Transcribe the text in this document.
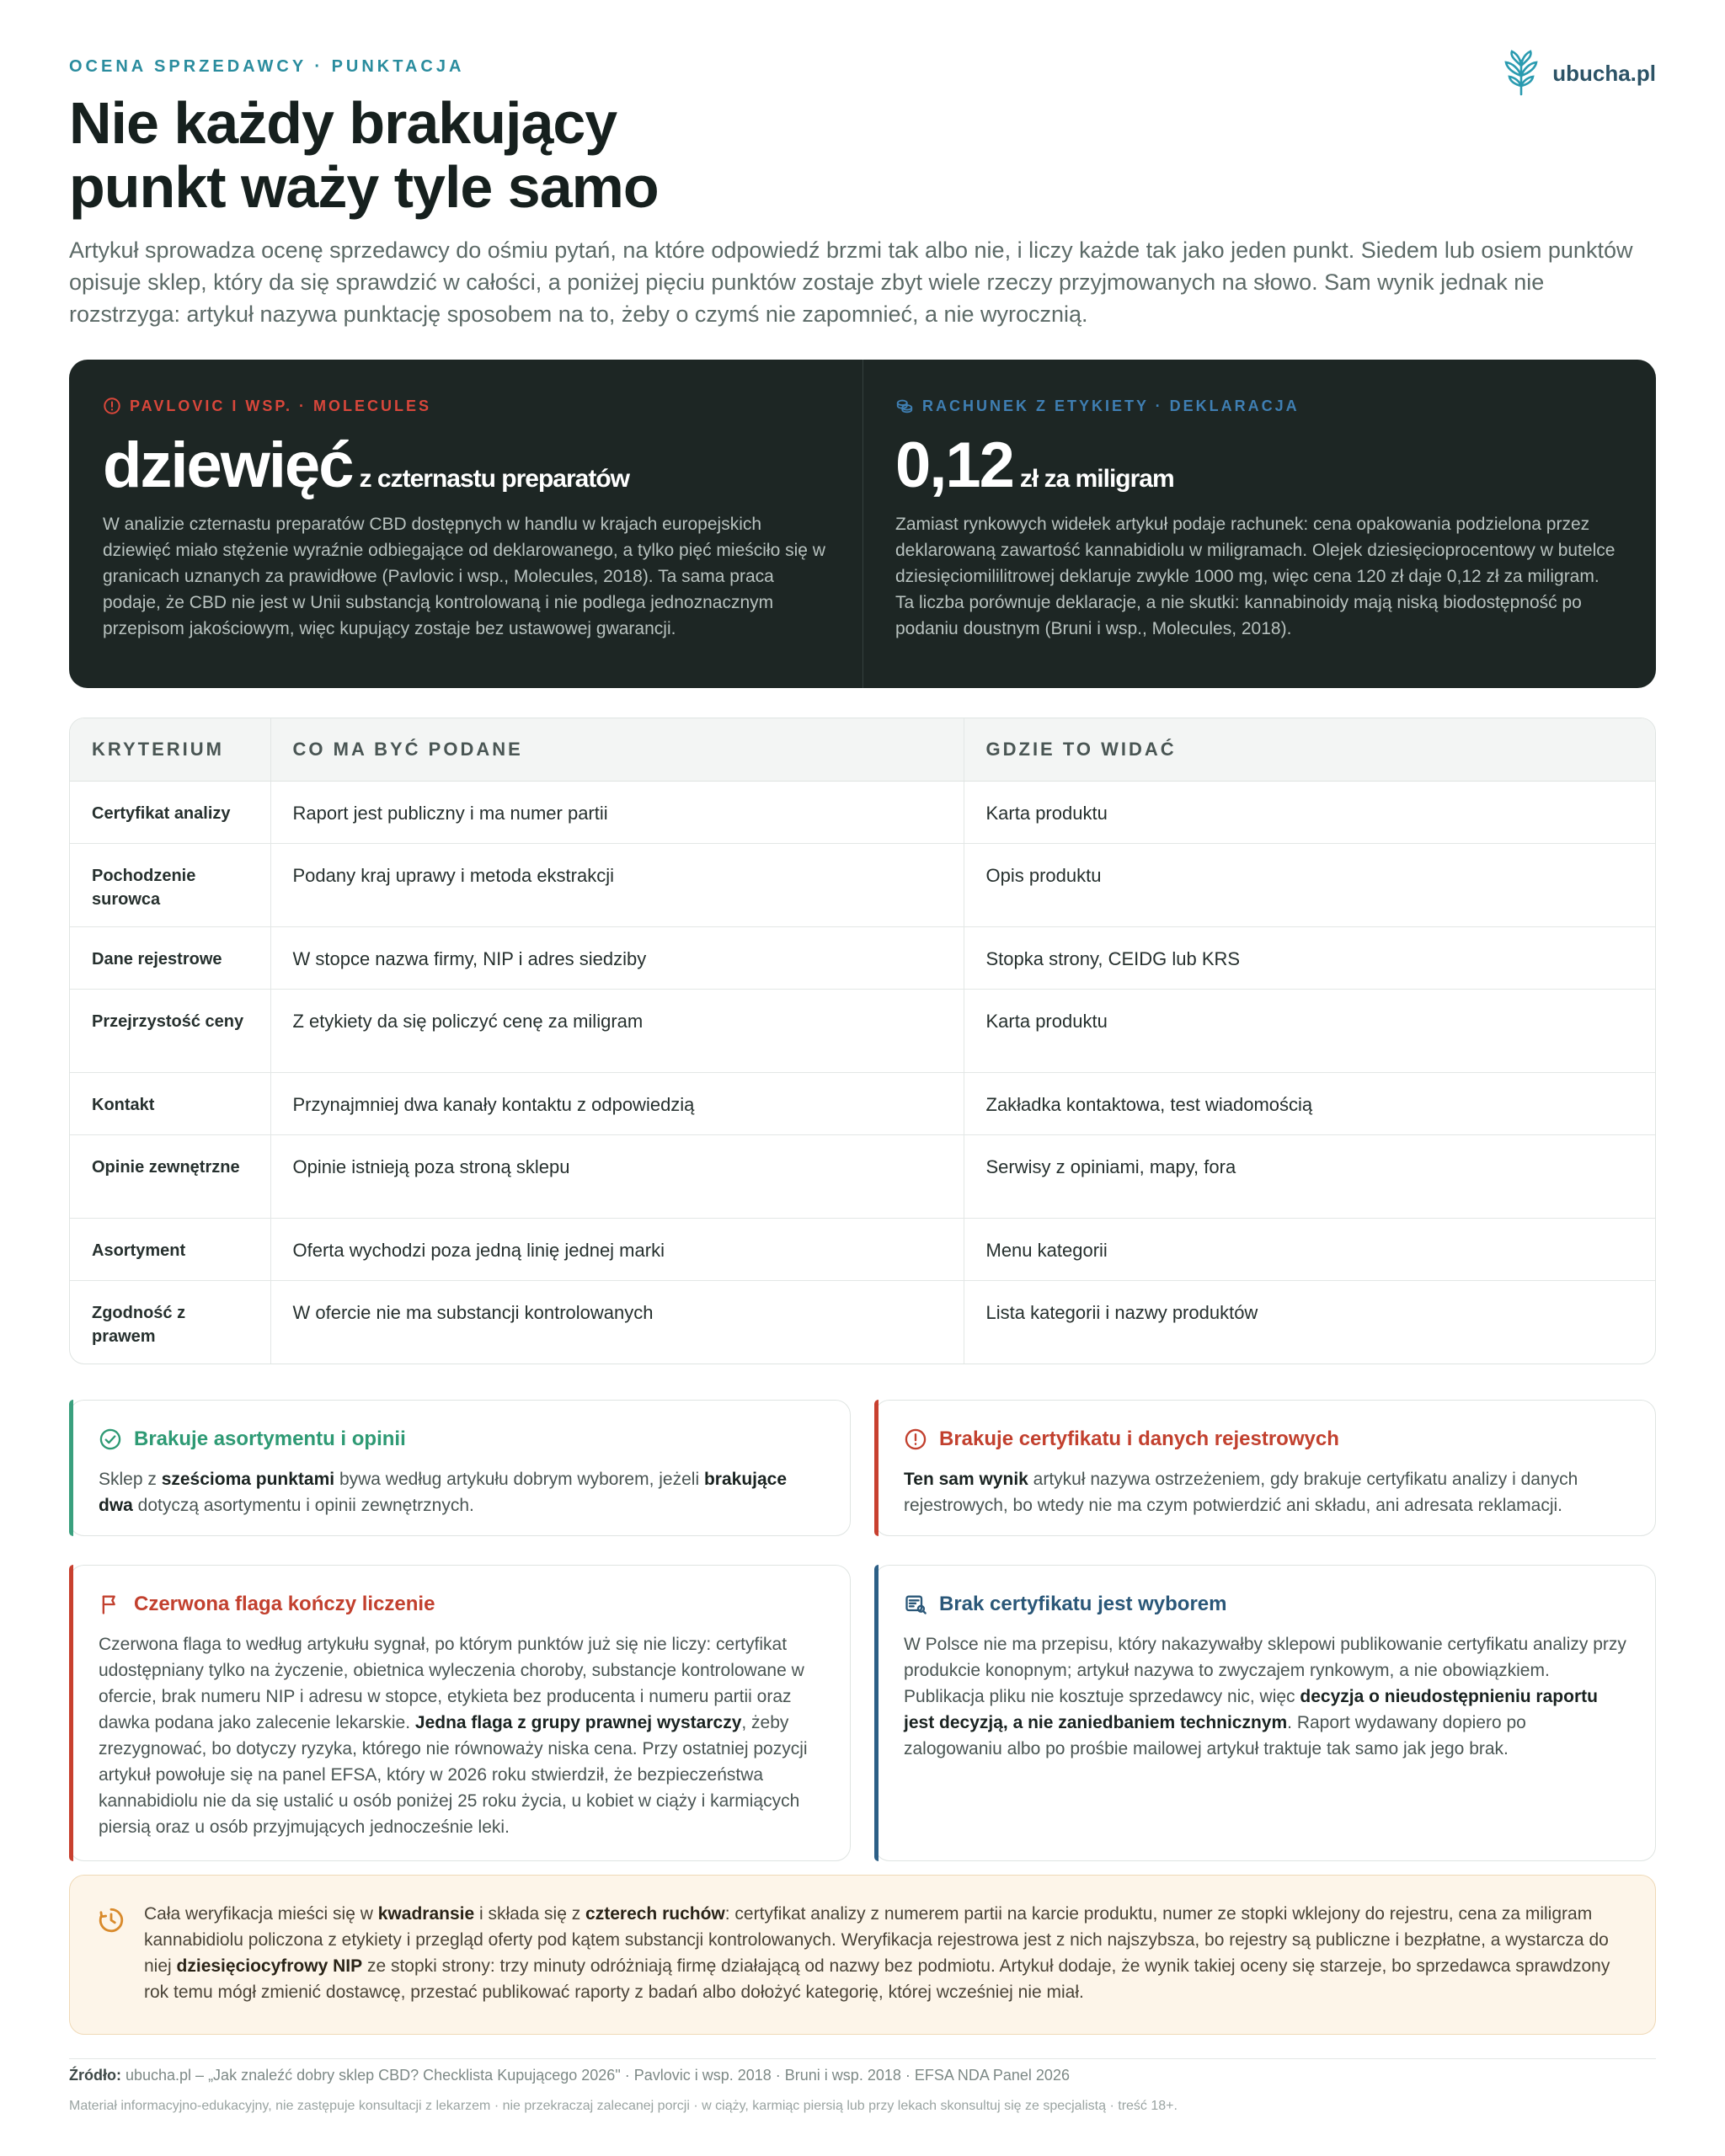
OCENA SPRZEDAWCY · PUNKTACJA	ubucha.pl
Nie każdy brakujący
punkt waży tyle samo

Artykuł sprowadza ocenę sprzedawcy do ośmiu pytań, na które odpowiedź brzmi tak albo nie, i liczy każde tak jako jeden punkt. Siedem lub osiem punktów opisuje sklep, który da się sprawdzić w całości, a poniżej pięciu punktów zostaje zbyt wiele rzeczy przyjmowanych na słowo. Sam wynik jednak nie rozstrzyga: artykuł nazywa punktację sposobem na to, żeby o czymś nie zapomnieć, a nie wyrocznią.

PAVLOVIC I WSP. · MOLECULES
dziewięć z czternastu preparatów

W analizie czternastu preparatów CBD dostępnych w handlu w krajach europejskich dziewięć miało stężenie wyraźnie odbiegające od deklarowanego, a tylko pięć mieściło się w granicach uznanych za prawidłowe (Pavlovic i wsp., Molecules, 2018). Ta sama praca podaje, że CBD nie jest w Unii substancją kontrolowaną i nie podlega jednoznacznym przepisom jakościowym, więc kupujący zostaje bez ustawowej gwarancji.

RACHUNEK Z ETYKIETY · DEKLARACJA
0,12 zł za miligram

Zamiast rynkowych widełek artykuł podaje rachunek: cena opakowania podzielona przez deklarowaną zawartość kannabidiolu w miligramach. Olejek dziesięcioprocentowy w butelce dziesięciomililitrowej deklaruje zwykle 1000 mg, więc cena 120 zł daje 0,12 zł za miligram. Ta liczba porównuje deklaracje, a nie skutki: kannabinoidy mają niską biodostępność po podaniu doustnym (Bruni i wsp., Molecules, 2018).

KRYTERIUM	CO MA BYĆ PODANE	GDZIE TO WIDAĆ
Certyfikat analizy	Raport jest publiczny i ma numer partii	Karta produktu
Pochodzenie surowca	Podany kraj uprawy i metoda ekstrakcji	Opis produktu
Dane rejestrowe	W stopce nazwa firmy, NIP i adres siedziby	Stopka strony, CEIDG lub KRS
Przejrzystość ceny	Z etykiety da się policzyć cenę za miligram	Karta produktu
Kontakt	Przynajmniej dwa kanały kontaktu z odpowiedzią	Zakładka kontaktowa, test wiadomością
Opinie zewnętrzne	Opinie istnieją poza stroną sklepu	Serwisy z opiniami, mapy, fora
Asortyment	Oferta wychodzi poza jedną linię jednej marki	Menu kategorii
Zgodność z prawem	W ofercie nie ma substancji kontrolowanych	Lista kategorii i nazwy produktów
Brakuje asortymentu i opinii

Sklep z sześcioma punktami bywa według artykułu dobrym wyborem, jeżeli brakujące dwa dotyczą asortymentu i opinii zewnętrznych.

Brakuje certyfikatu i danych rejestrowych

Ten sam wynik artykuł nazywa ostrzeżeniem, gdy brakuje certyfikatu analizy i danych rejestrowych, bo wtedy nie ma czym potwierdzić ani składu, ani adresata reklamacji.

Czerwona flaga kończy liczenie

Czerwona flaga to według artykułu sygnał, po którym punktów już się nie liczy: certyfikat udostępniany tylko na życzenie, obietnica wyleczenia choroby, substancje kontrolowane w ofercie, brak numeru NIP i adresu w stopce, etykieta bez producenta i numeru partii oraz dawka podana jako zalecenie lekarskie. Jedna flaga z grupy prawnej wystarczy, żeby zrezygnować, bo dotyczy ryzyka, którego nie równoważy niska cena. Przy ostatniej pozycji artykuł powołuje się na panel EFSA, który w 2026 roku stwierdził, że bezpieczeństwa kannabidiolu nie da się ustalić u osób poniżej 25 roku życia, u kobiet w ciąży i karmiących piersią oraz u osób przyjmujących jednocześnie leki.

Brak certyfikatu jest wyborem

W Polsce nie ma przepisu, który nakazywałby sklepowi publikowanie certyfikatu analizy przy produkcie konopnym; artykuł nazywa to zwyczajem rynkowym, a nie obowiązkiem. Publikacja pliku nie kosztuje sprzedawcy nic, więc decyzja o nieudostępnieniu raportu jest decyzją, a nie zaniedbaniem technicznym. Raport wydawany dopiero po zalogowaniu albo po prośbie mailowej artykuł traktuje tak samo jak jego brak.

Cała weryfikacja mieści się w kwadransie i składa się z czterech ruchów: certyfikat analizy z numerem partii na karcie produktu, numer ze stopki wklejony do rejestru, cena za miligram kannabidiolu policzona z etykiety i przegląd oferty pod kątem substancji kontrolowanych. Weryfikacja rejestrowa jest z nich najszybsza, bo rejestry są publiczne i bezpłatne, a wystarcza do niej dziesięciocyfrowy NIP ze stopki strony: trzy minuty odróżniają firmę działającą od nazwy bez podmiotu. Artykuł dodaje, że wynik takiej oceny się starzeje, bo sprzedawca sprawdzony rok temu mógł zmienić dostawcę, przestać publikować raporty z badań albo dołożyć kategorię, której wcześniej nie miał.

Źródło: ubucha.pl – „Jak znaleźć dobry sklep CBD? Checklista Kupującego 2026" · Pavlovic i wsp. 2018 · Bruni i wsp. 2018 · EFSA NDA Panel 2026

Materiał informacyjno-edukacyjny, nie zastępuje konsultacji z lekarzem · nie przekraczaj zalecanej porcji · w ciąży, karmiąc piersią lub przy lekach skonsultuj się ze specjalistą · treść 18+.
